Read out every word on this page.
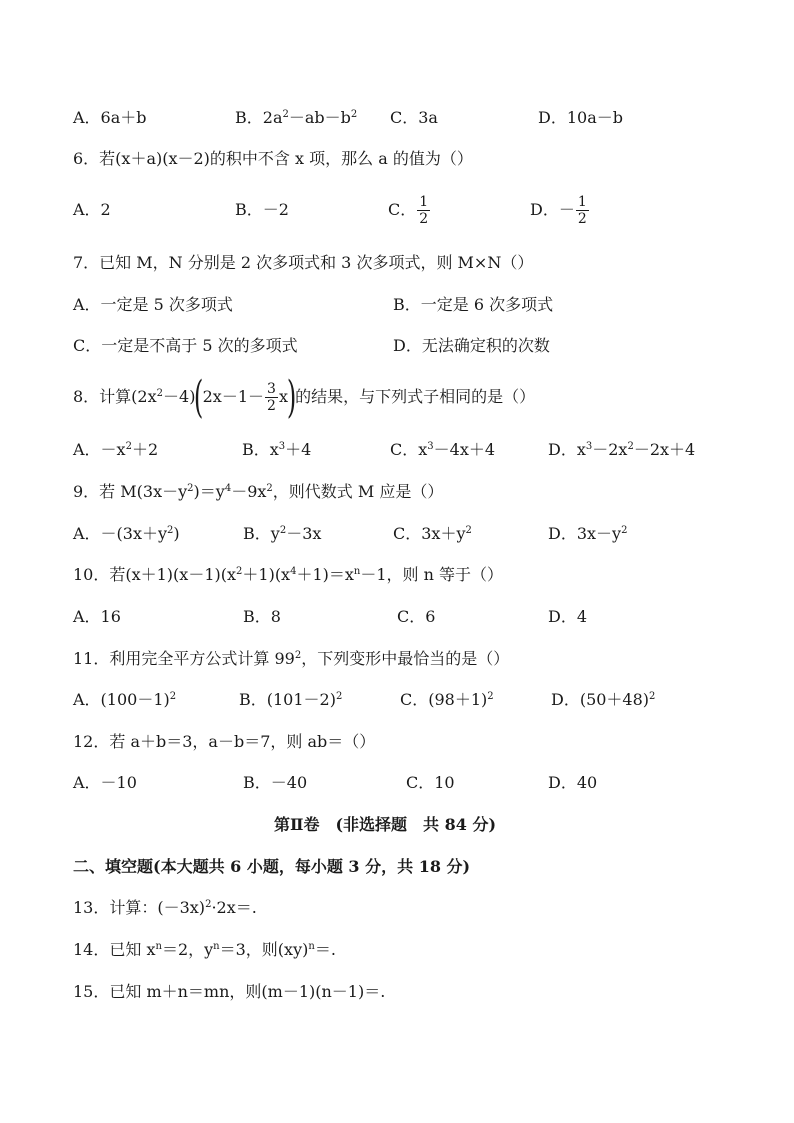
A．6a＋b	B．$2a^2-ab-b^2$ C．3a	D．10a－b
6．若(x＋a)(x－2)的积中不含 x 项，那么 a 的值为（）
A．2	B．－2	C． $\frac{1}{2}$	D．－ $\frac{1}{2}$
7．已知 M，N 分别是 2 次多项式和 3 次多项式，则 M×N（）
A．一定是 5 次多项式	B．一定是 6 次多项式
C．一定是不高于 5 次的多项式	D．无法确定积的次数
8．计算$(2x^2-4)(2x-1- \frac{3}{2} x)$的结果，与下列式子相同的是（）
A．$-x^2+2$	B．$x^3+4$	C．$x^3-4x+4$	D．$x^3-2x^2-2x+4$
9．若 $M(3x-y^2)=y^4-9x^2$，则代数式 M 应是（）
A．$-(3x+y^2)$	B．$y^2-3x$	C．$3x+y^2$	D．$3x-y^2$
10．若$(x+1)(x-1)(x^2+1)(x^4+1)=x^n-1$，则 n 等于（）
A．16	B．8	C．6	D．4
11．利用完全平方公式计算 $99^2$，下列变形中最恰当的是（）
A．$(100-1)^2$	B．$(101-2)^2$	C．$(98+1)^2$	D．$(50+48)^2$
12．若 a＋b＝3，a－b＝7，则 ab＝（）
A．－10	B．－40	C．10	D．40
第Ⅱ卷　(非选择题　共 84 分)
二、填空题(本大题共 6 小题，每小题 3 分，共 18 分)
13．计算：$(-3x)^2\cdot 2x=$.
14．已知 $x^n=2$，$y^n=3$，则(xy)$^n$＝.
15．已知 m＋n＝mn，则(m－1)(n－1)＝.
